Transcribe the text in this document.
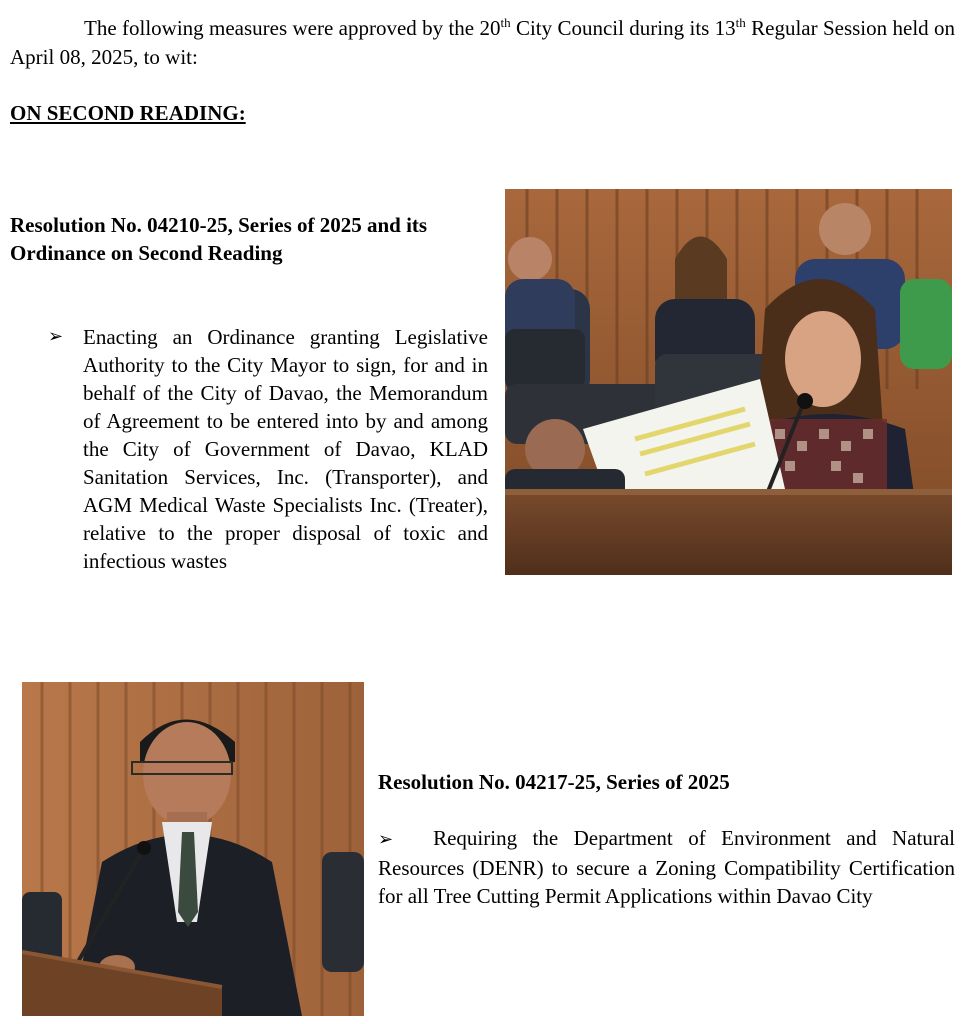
The following measures were approved by the 20th City Council during its 13th Regular Session held on April 08, 2025, to wit:

ON SECOND READING:

Resolution No. 04210-25, Series of 2025 and its
Ordinance on Second Reading

➢ Enacting an Ordinance granting Legislative Authority to the City Mayor to sign, for and in behalf of the City of Davao, the Memorandum of Agreement to be entered into by and among the City of Government of Davao, KLAD Sanitation Services, Inc. (Transporter), and AGM Medical Waste Specialists Inc. (Treater), relative to the proper disposal of toxic and infectious wastes

Resolution No. 04217-25, Series of 2025

➢ Requiring the Department of Environment and Natural Resources (DENR) to secure a Zoning Compatibility Certification for all Tree Cutting Permit Applications within Davao City
